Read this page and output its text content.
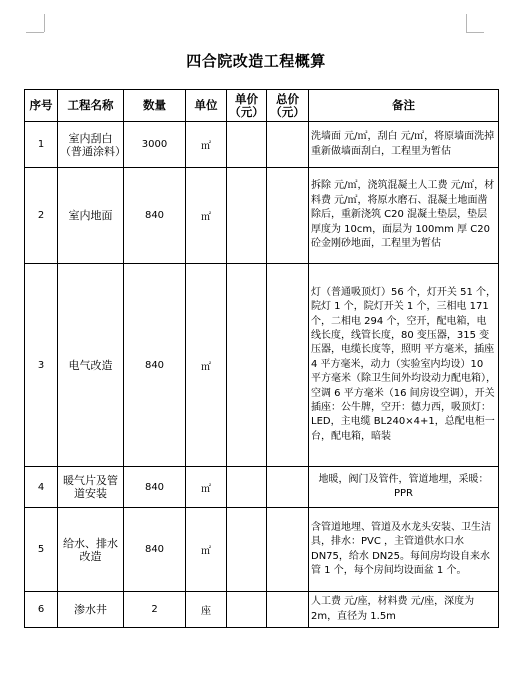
四合院改造工程概算
序号	工程名称	数量	单位	单价（元）	总价（元）	备注
1	室内刮白（普通涂料）	3000	㎡			洗墙面 元/㎡，刮白 元/㎡，将原墙面洗掉重新做墙面刮白，工程里为暂估
2	室内地面	840	㎡			拆除 元/㎡，浇筑混凝土人工费 元/㎡，材料费 元/㎡，将原水磨石、混凝土地面凿除后，重新浇筑 C20 混凝土垫层，垫层厚度为 10cm，面层为 100mm 厚 C20 砼金刚砂地面，工程里为暂估
3	电气改造	840	㎡			灯（普通吸顶灯）56 个，灯开关 51 个，院灯 1 个，院灯开关 1 个，三相电 171 个，二相电 294 个，空开，配电箱，电线长度，线管长度，80 变压器，315 变压器，电缆长度等，照明 平方毫米，插座 4 平方毫米，动力（实验室内均设）10 平方毫米（除卫生间外均设动力配电箱），空调 6 平方毫米（16 间房设空调），开关插座：公牛牌，空开：德力西，吸顶灯：LED，主电缆 BL240×4+1，总配电柜一台，配电箱，暗装
4	暖气片及管道安装	840	㎡			地暖，阀门及管件，管道地埋，采暖：PPR
5	给水、排水改造	840	㎡			含管道地埋、管道及水龙头安装、卫生洁具，排水：PVC ，主管道供水口水 DN75，给水 DN25。每间房均设自来水管 1 个，每个房间均设面盆 1 个。
6	渗水井	2	座			人工费 元/座，材料费 元/座，深度为 2m，直径为 1.5m
